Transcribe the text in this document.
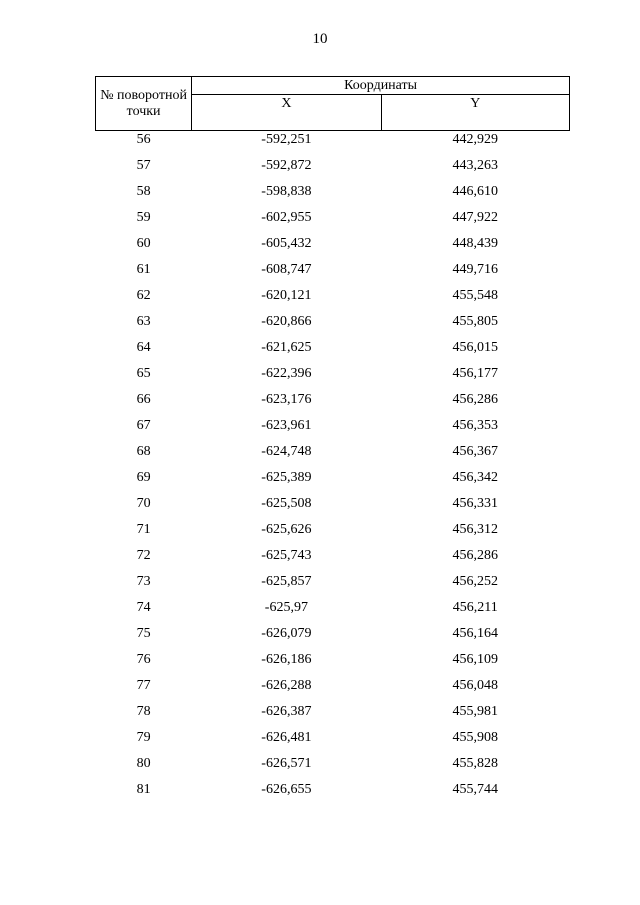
10
№ поворотной точки	Координаты	
	X	Y
56	-592,251	442,929
57	-592,872	443,263
58	-598,838	446,610
59	-602,955	447,922
60	-605,432	448,439
61	-608,747	449,716
62	-620,121	455,548
63	-620,866	455,805
64	-621,625	456,015
65	-622,396	456,177
66	-623,176	456,286
67	-623,961	456,353
68	-624,748	456,367
69	-625,389	456,342
70	-625,508	456,331
71	-625,626	456,312
72	-625,743	456,286
73	-625,857	456,252
74	-625,97	456,211
75	-626,079	456,164
76	-626,186	456,109
77	-626,288	456,048
78	-626,387	455,981
79	-626,481	455,908
80	-626,571	455,828
81	-626,655	455,744
